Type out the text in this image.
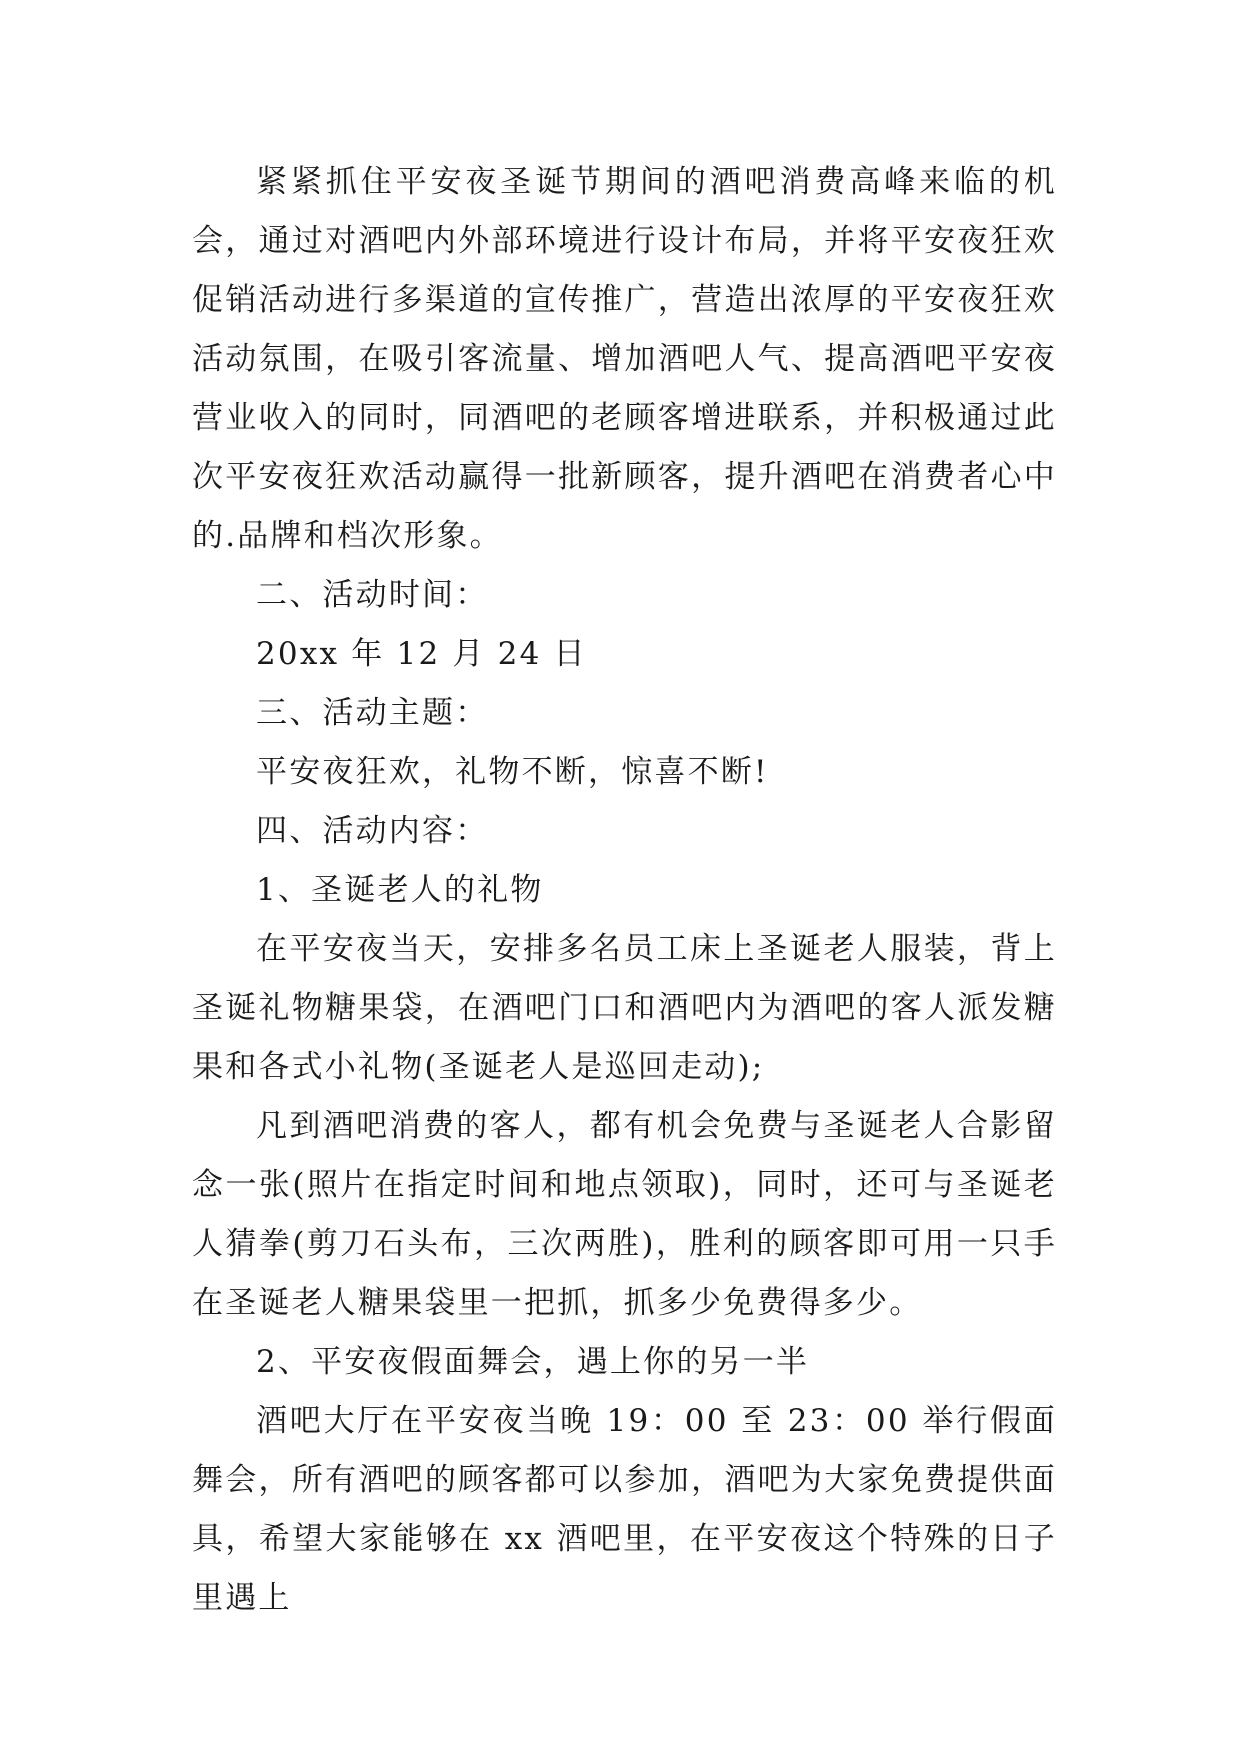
紧紧抓住平安夜圣诞节期间的酒吧消费高峰来临的机会，通过对酒吧内外部环境进行设计布局，并将平安夜狂欢促销活动进行多渠道的宣传推广，营造出浓厚的平安夜狂欢活动氛围，在吸引客流量、增加酒吧人气、提高酒吧平安夜营业收入的同时，同酒吧的老顾客增进联系，并积极通过此次平安夜狂欢活动赢得一批新顾客，提升酒吧在消费者心中的.品牌和档次形象。

二、活动时间：

20xx 年 12 月 24 日

三、活动主题：

平安夜狂欢，礼物不断，惊喜不断!

四、活动内容：

1、圣诞老人的礼物

在平安夜当天，安排多名员工床上圣诞老人服装，背上圣诞礼物糖果袋，在酒吧门口和酒吧内为酒吧的客人派发糖果和各式小礼物(圣诞老人是巡回走动);

凡到酒吧消费的客人，都有机会免费与圣诞老人合影留念一张(照片在指定时间和地点领取)，同时，还可与圣诞老人猜拳(剪刀石头布，三次两胜)，胜利的顾客即可用一只手在圣诞老人糖果袋里一把抓，抓多少免费得多少。

2、平安夜假面舞会，遇上你的另一半

酒吧大厅在平安夜当晚 19：00 至 23：00 举行假面舞会，所有酒吧的顾客都可以参加，酒吧为大家免费提供面具，希望大家能够在 xx 酒吧里，在平安夜这个特殊的日子里遇上
